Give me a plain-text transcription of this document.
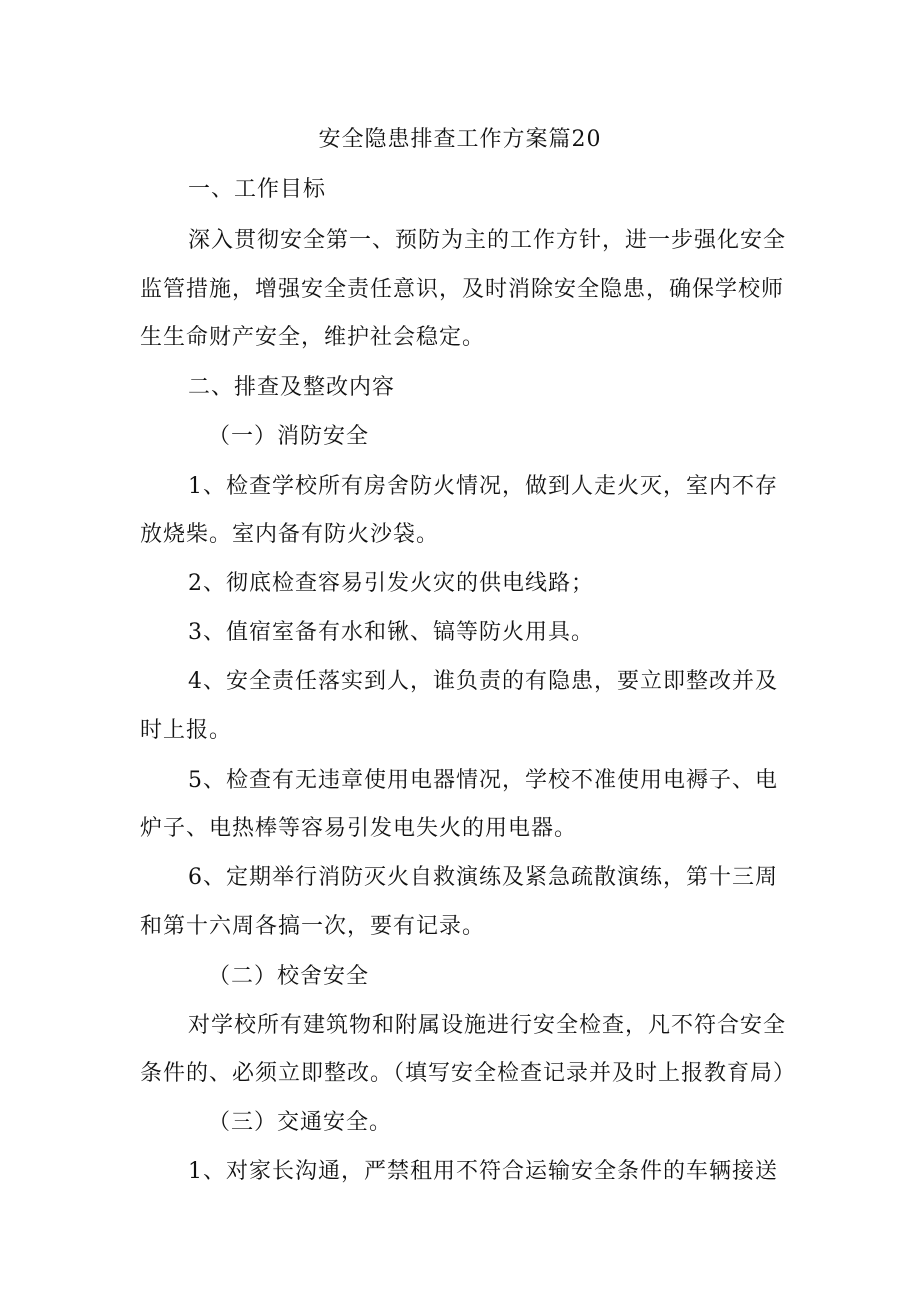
安全隐患排查工作方案篇20
一、工作目标
深入贯彻安全第一、预防为主的工作方针，进一步强化安全
监管措施，增强安全责任意识，及时消除安全隐患，确保学校师
生生命财产安全，维护社会稳定。
二、排查及整改内容
（一）消防安全
1、检查学校所有房舍防火情况，做到人走火灭，室内不存
放烧柴。室内备有防火沙袋。
2、彻底检查容易引发火灾的供电线路；
3、值宿室备有水和锹、镐等防火用具。
4、安全责任落实到人，谁负责的有隐患，要立即整改并及
时上报。
5、检查有无违章使用电器情况，学校不准使用电褥子、电
炉子、电热棒等容易引发电失火的用电器。
6、定期举行消防灭火自救演练及紧急疏散演练，第十三周
和第十六周各搞一次，要有记录。
（二）校舍安全
对学校所有建筑物和附属设施进行安全检查，凡不符合安全
条件的、必须立即整改。（填写安全检查记录并及时上报教育局）
（三）交通安全。
1、对家长沟通，严禁租用不符合运输安全条件的车辆接送
